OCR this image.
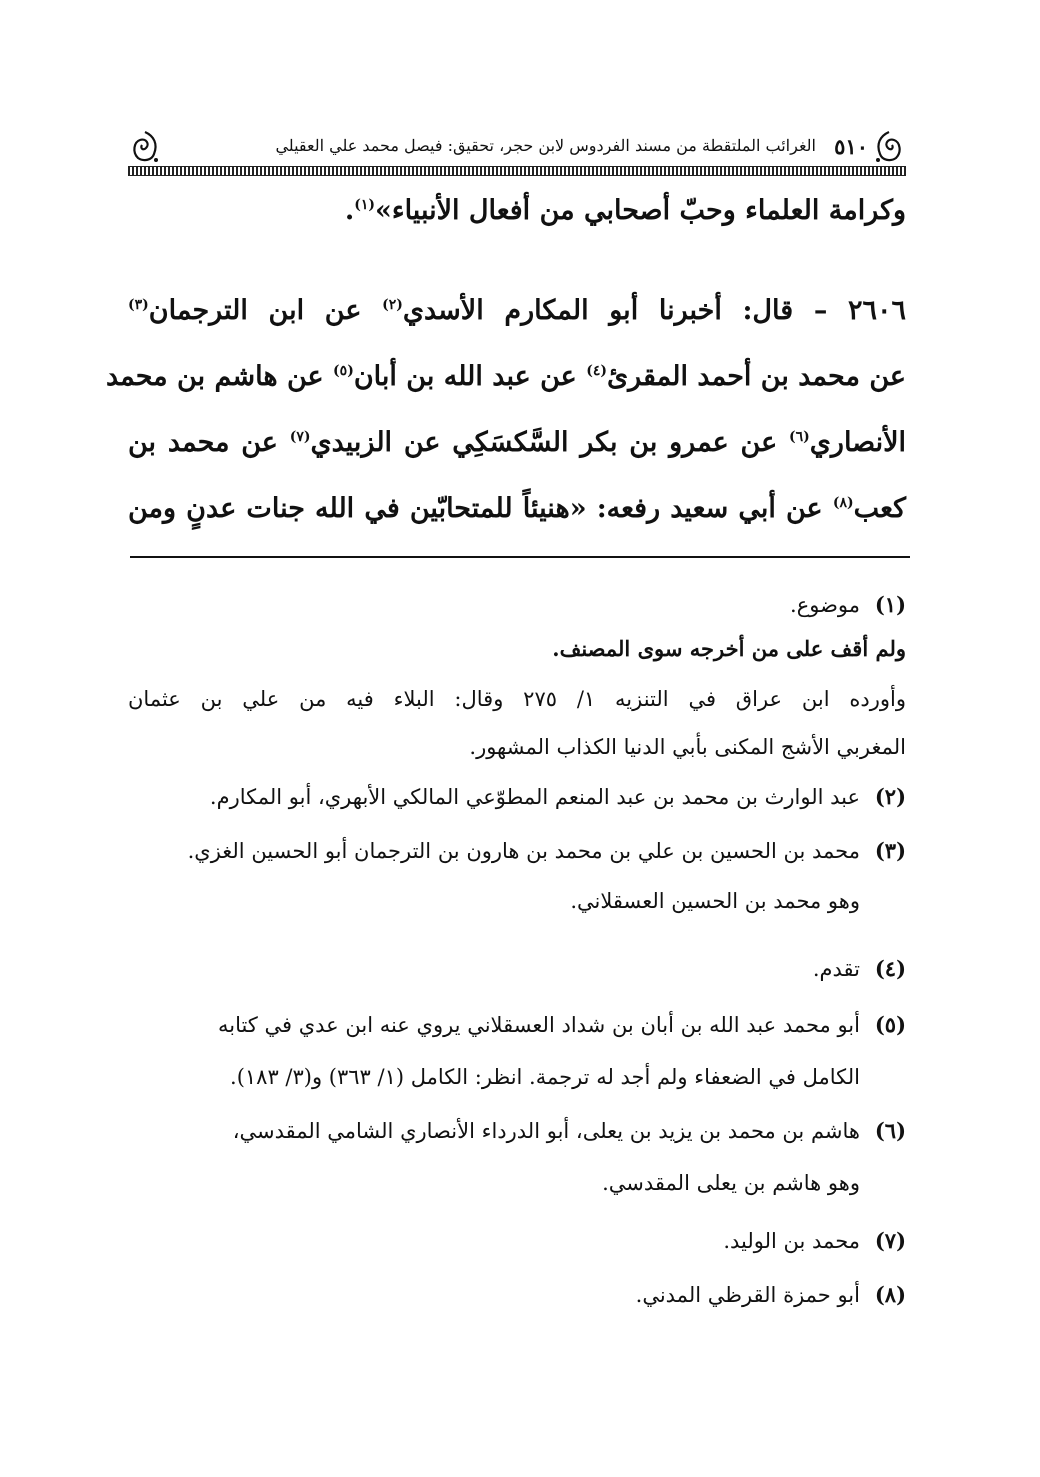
٥١٠
الغرائب الملتقطة من مسند الفردوس لابن حجر، تحقيق: فيصل محمد علي العقيلي
وكرامة العلماء وحبّ أصحابي من أفعال الأنبياء»$^{(١)}$.
٢٦٠٦ – قال: أخبرنا أبو المكارم الأسدي$^{(٢)}$ عن ابن الترجمان$^{(٣)}$
عن محمد بن أحمد المقرئ$^{(٤)}$ عن عبد الله بن أبان$^{(٥)}$ عن هاشم بن محمد
الأنصاري$^{(٦)}$ عن عمرو بن بكر السَّكسَكِي عن الزبيدي$^{(٧)}$ عن محمد بن
كعب$^{(٨)}$ عن أبي سعيد رفعه: «هنيئاً للمتحابّين في الله جنات عدنٍ ومن
(١)موضوع.
ولم أقف على من أخرجه سوى المصنف.
وأورده ابن عراق في التنزيه ١/ ٢٧٥ وقال: البلاء فيه من علي بن عثمان
المغربي الأشج المكنى بأبي الدنيا الكذاب المشهور.
(٢)عبد الوارث بن محمد بن عبد المنعم المطوّعي المالكي الأبهري، أبو المكارم.
(٣)محمد بن الحسين بن علي بن محمد بن هارون بن الترجمان أبو الحسين الغزي.
وهو محمد بن الحسين العسقلاني.
(٤)تقدم.
(٥)أبو محمد عبد الله بن أبان بن شداد العسقلاني يروي عنه ابن عدي في كتابه
الكامل في الضعفاء ولم أجد له ترجمة. انظر: الكامل (١/ ٣٦٣) و(٣/ ١٨٣).
(٦)هاشم بن محمد بن يزيد بن يعلى، أبو الدرداء الأنصاري الشامي المقدسي،
وهو هاشم بن يعلى المقدسي.
(٧)محمد بن الوليد.
(٨)أبو حمزة القرظي المدني.
